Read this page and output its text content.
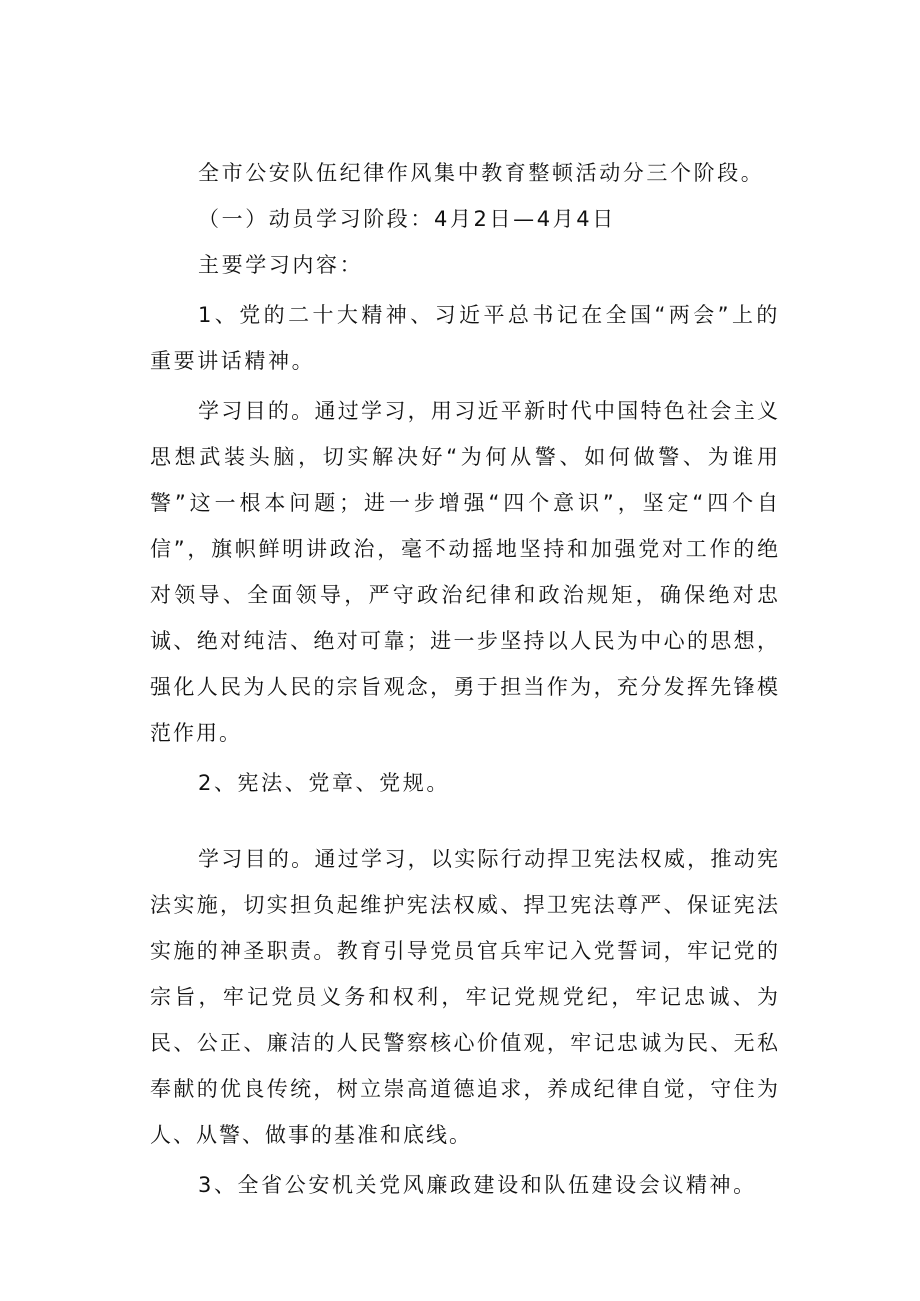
全市公安队伍纪律作风集中教育整顿活动分三个阶段。

（一）动员学习阶段：4月2日—4月4日

主要学习内容：

1、党的二十大精神、习近平总书记在全国“两会”上的重要讲话精神。

学习目的。通过学习，用习近平新时代中国特色社会主义思想武装头脑，切实解决好“为何从警、如何做警、为谁用警”这一根本问题；进一步增强“四个意识”，坚定“四个自信”，旗帜鲜明讲政治，毫不动摇地坚持和加强党对工作的绝对领导、全面领导，严守政治纪律和政治规矩，确保绝对忠诚、绝对纯洁、绝对可靠；进一步坚持以人民为中心的思想，强化人民为人民的宗旨观念，勇于担当作为，充分发挥先锋模范作用。

2、宪法、党章、党规。

学习目的。通过学习，以实际行动捍卫宪法权威，推动宪法实施，切实担负起维护宪法权威、捍卫宪法尊严、保证宪法实施的神圣职责。教育引导党员官兵牢记入党誓词，牢记党的宗旨，牢记党员义务和权利，牢记党规党纪，牢记忠诚、为民、公正、廉洁的人民警察核心价值观，牢记忠诚为民、无私奉献的优良传统，树立崇高道德追求，养成纪律自觉，守住为人、从警、做事的基准和底线。

3、全省公安机关党风廉政建设和队伍建设会议精神。
